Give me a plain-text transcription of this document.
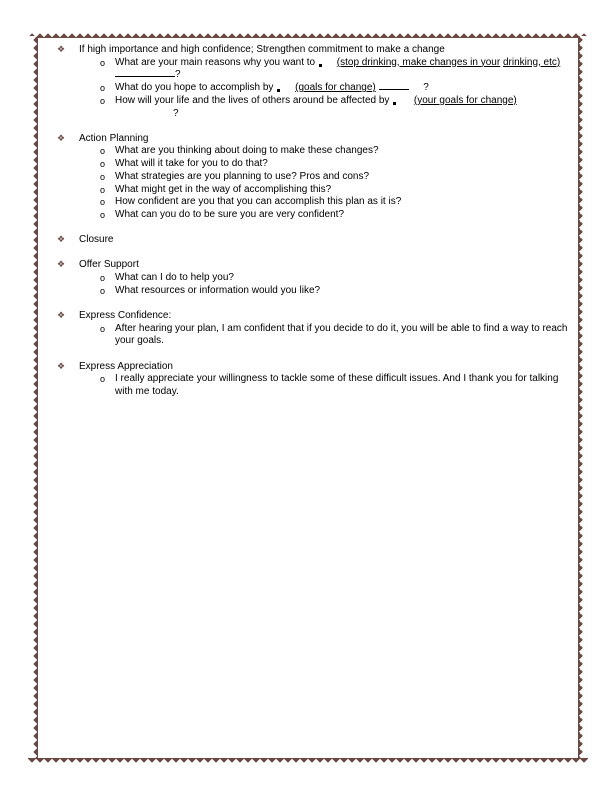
❖ If high importance and high confidence; Strengthen commitment to make a change
o What are your main reasons why you want to (stop drinking, make changes in your drinking, etc) ?
o What do you hope to accomplish by (goals for change)	?
o How will your life and the lives of others around be affected by (your goals for change)
?
❖ Action Planning
o What are you thinking about doing to make these changes?
o What will it take for you to do that?
o What strategies are you planning to use? Pros and cons?
o What might get in the way of accomplishing this?
o How confident are you that you can accomplish this plan as it is?
o What can you do to be sure you are very confident?
❖ Closure
❖ Offer Support
o What can I do to help you?
o What resources or information would you like?
❖ Express Confidence:
o After hearing your plan, I am confident that if you decide to do it, you will be able to find a way to reach your goals.
❖ Express Appreciation
o I really appreciate your willingness to tackle some of these difficult issues. And I thank you for talking with me today.
